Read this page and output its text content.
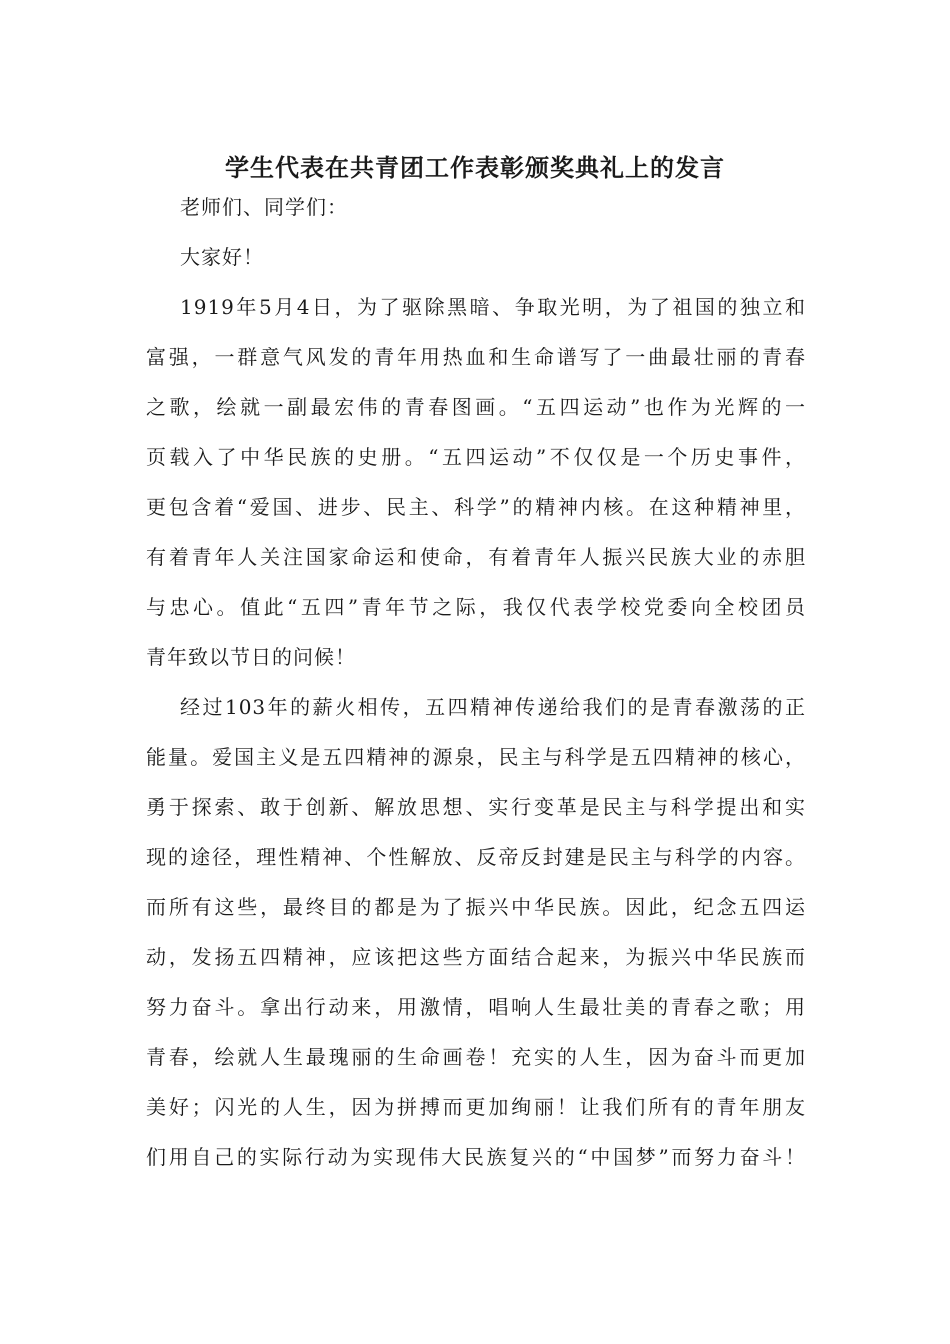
学生代表在共青团工作表彰颁奖典礼上的发言

老师们、同学们：

大家好！

1919年5月4日，为了驱除黑暗、争取光明，为了祖国的独立和

富强，一群意气风发的青年用热血和生命谱写了一曲最壮丽的青春

之歌，绘就一副最宏伟的青春图画。“五四运动”也作为光辉的一

页载入了中华民族的史册。“五四运动”不仅仅是一个历史事件，

更包含着“爱国、进步、民主、科学”的精神内核。在这种精神里，

有着青年人关注国家命运和使命，有着青年人振兴民族大业的赤胆

与忠心。值此“五四”青年节之际，我仅代表学校党委向全校团员

青年致以节日的问候！

经过103年的薪火相传，五四精神传递给我们的是青春激荡的正

能量。爱国主义是五四精神的源泉，民主与科学是五四精神的核心，

勇于探索、敢于创新、解放思想、实行变革是民主与科学提出和实

现的途径，理性精神、个性解放、反帝反封建是民主与科学的内容。

而所有这些，最终目的都是为了振兴中华民族。因此，纪念五四运

动，发扬五四精神，应该把这些方面结合起来，为振兴中华民族而

努力奋斗。拿出行动来，用激情，唱响人生最壮美的青春之歌；用

青春，绘就人生最瑰丽的生命画卷！充实的人生，因为奋斗而更加

美好；闪光的人生，因为拼搏而更加绚丽！让我们所有的青年朋友

们用自己的实际行动为实现伟大民族复兴的“中国梦”而努力奋斗！
